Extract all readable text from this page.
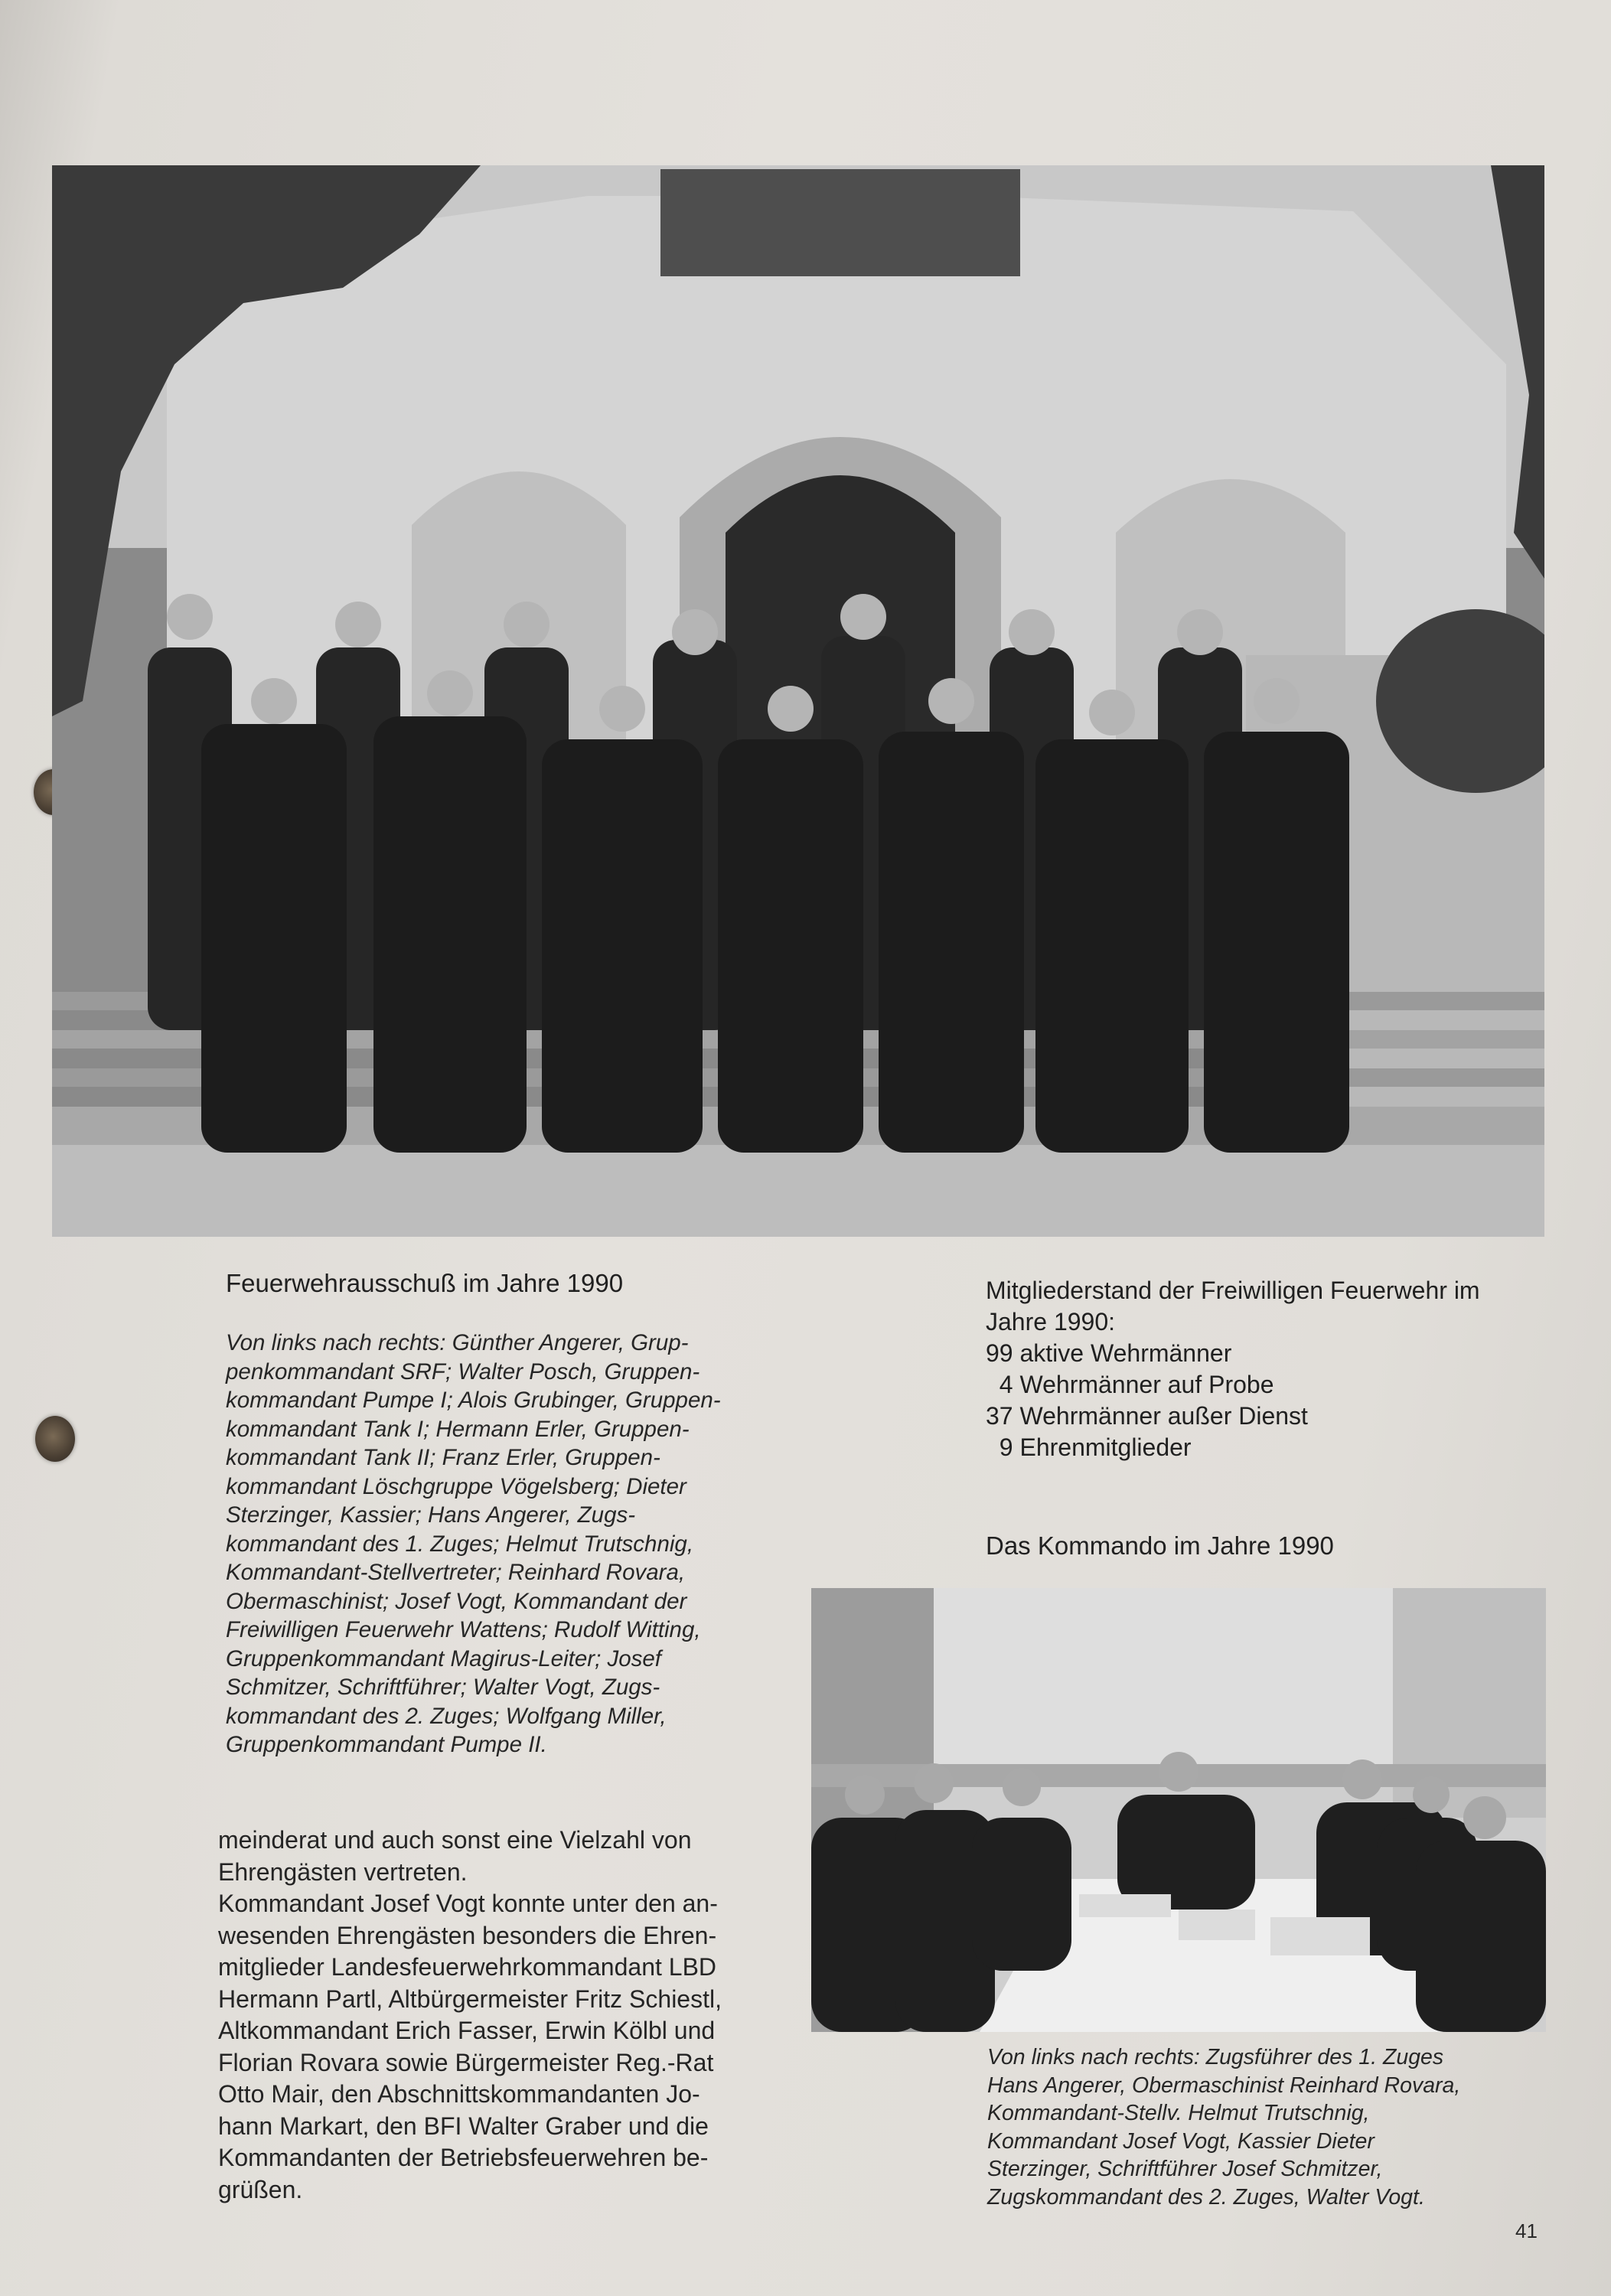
Feuerwehrausschuß im Jahre 1990
Von links nach rechts: Günther Angerer, Grup-
penkommandant SRF; Walter Posch, Gruppen-
kommandant Pumpe I; Alois Grubinger, Gruppen-
kommandant Tank I; Hermann Erler, Gruppen-
kommandant Tank II; Franz Erler, Gruppen-
kommandant Löschgruppe Vögelsberg; Dieter
Sterzinger, Kassier; Hans Angerer, Zugs-
kommandant des 1. Zuges; Helmut Trutschnig,
Kommandant-Stellvertreter; Reinhard Rovara,
Obermaschinist; Josef Vogt, Kommandant der
Freiwilligen Feuerwehr Wattens; Rudolf Witting,
Gruppenkommandant Magirus-Leiter; Josef
Schmitzer, Schriftführer; Walter Vogt, Zugs-
kommandant des 2. Zuges; Wolfgang Miller,
Gruppenkommandant Pumpe II.
Mitgliederstand der Freiwilligen Feuerwehr im
Jahre 1990:
99 aktive Wehrmänner
4 Wehrmänner auf Probe
37 Wehrmänner außer Dienst
9 Ehrenmitglieder
Das Kommando im Jahre 1990
Von links nach rechts: Zugsführer des 1. Zuges
Hans Angerer, Obermaschinist Reinhard Rovara,
Kommandant-Stellv. Helmut Trutschnig,
Kommandant Josef Vogt, Kassier Dieter
Sterzinger, Schriftführer Josef Schmitzer,
Zugskommandant des 2. Zuges, Walter Vogt.
meinderat und auch sonst eine Vielzahl von
Ehrengästen vertreten.
Kommandant Josef Vogt konnte unter den an-
wesenden Ehrengästen besonders die Ehren-
mitglieder Landesfeuerwehrkommandant LBD
Hermann Partl, Altbürgermeister Fritz Schiestl,
Altkommandant Erich Fasser, Erwin Kölbl und
Florian Rovara sowie Bürgermeister Reg.-Rat
Otto Mair, den Abschnittskommandanten Jo-
hann Markart, den BFI Walter Graber und die
Kommandanten der Betriebsfeuerwehren be-
grüßen.
41
